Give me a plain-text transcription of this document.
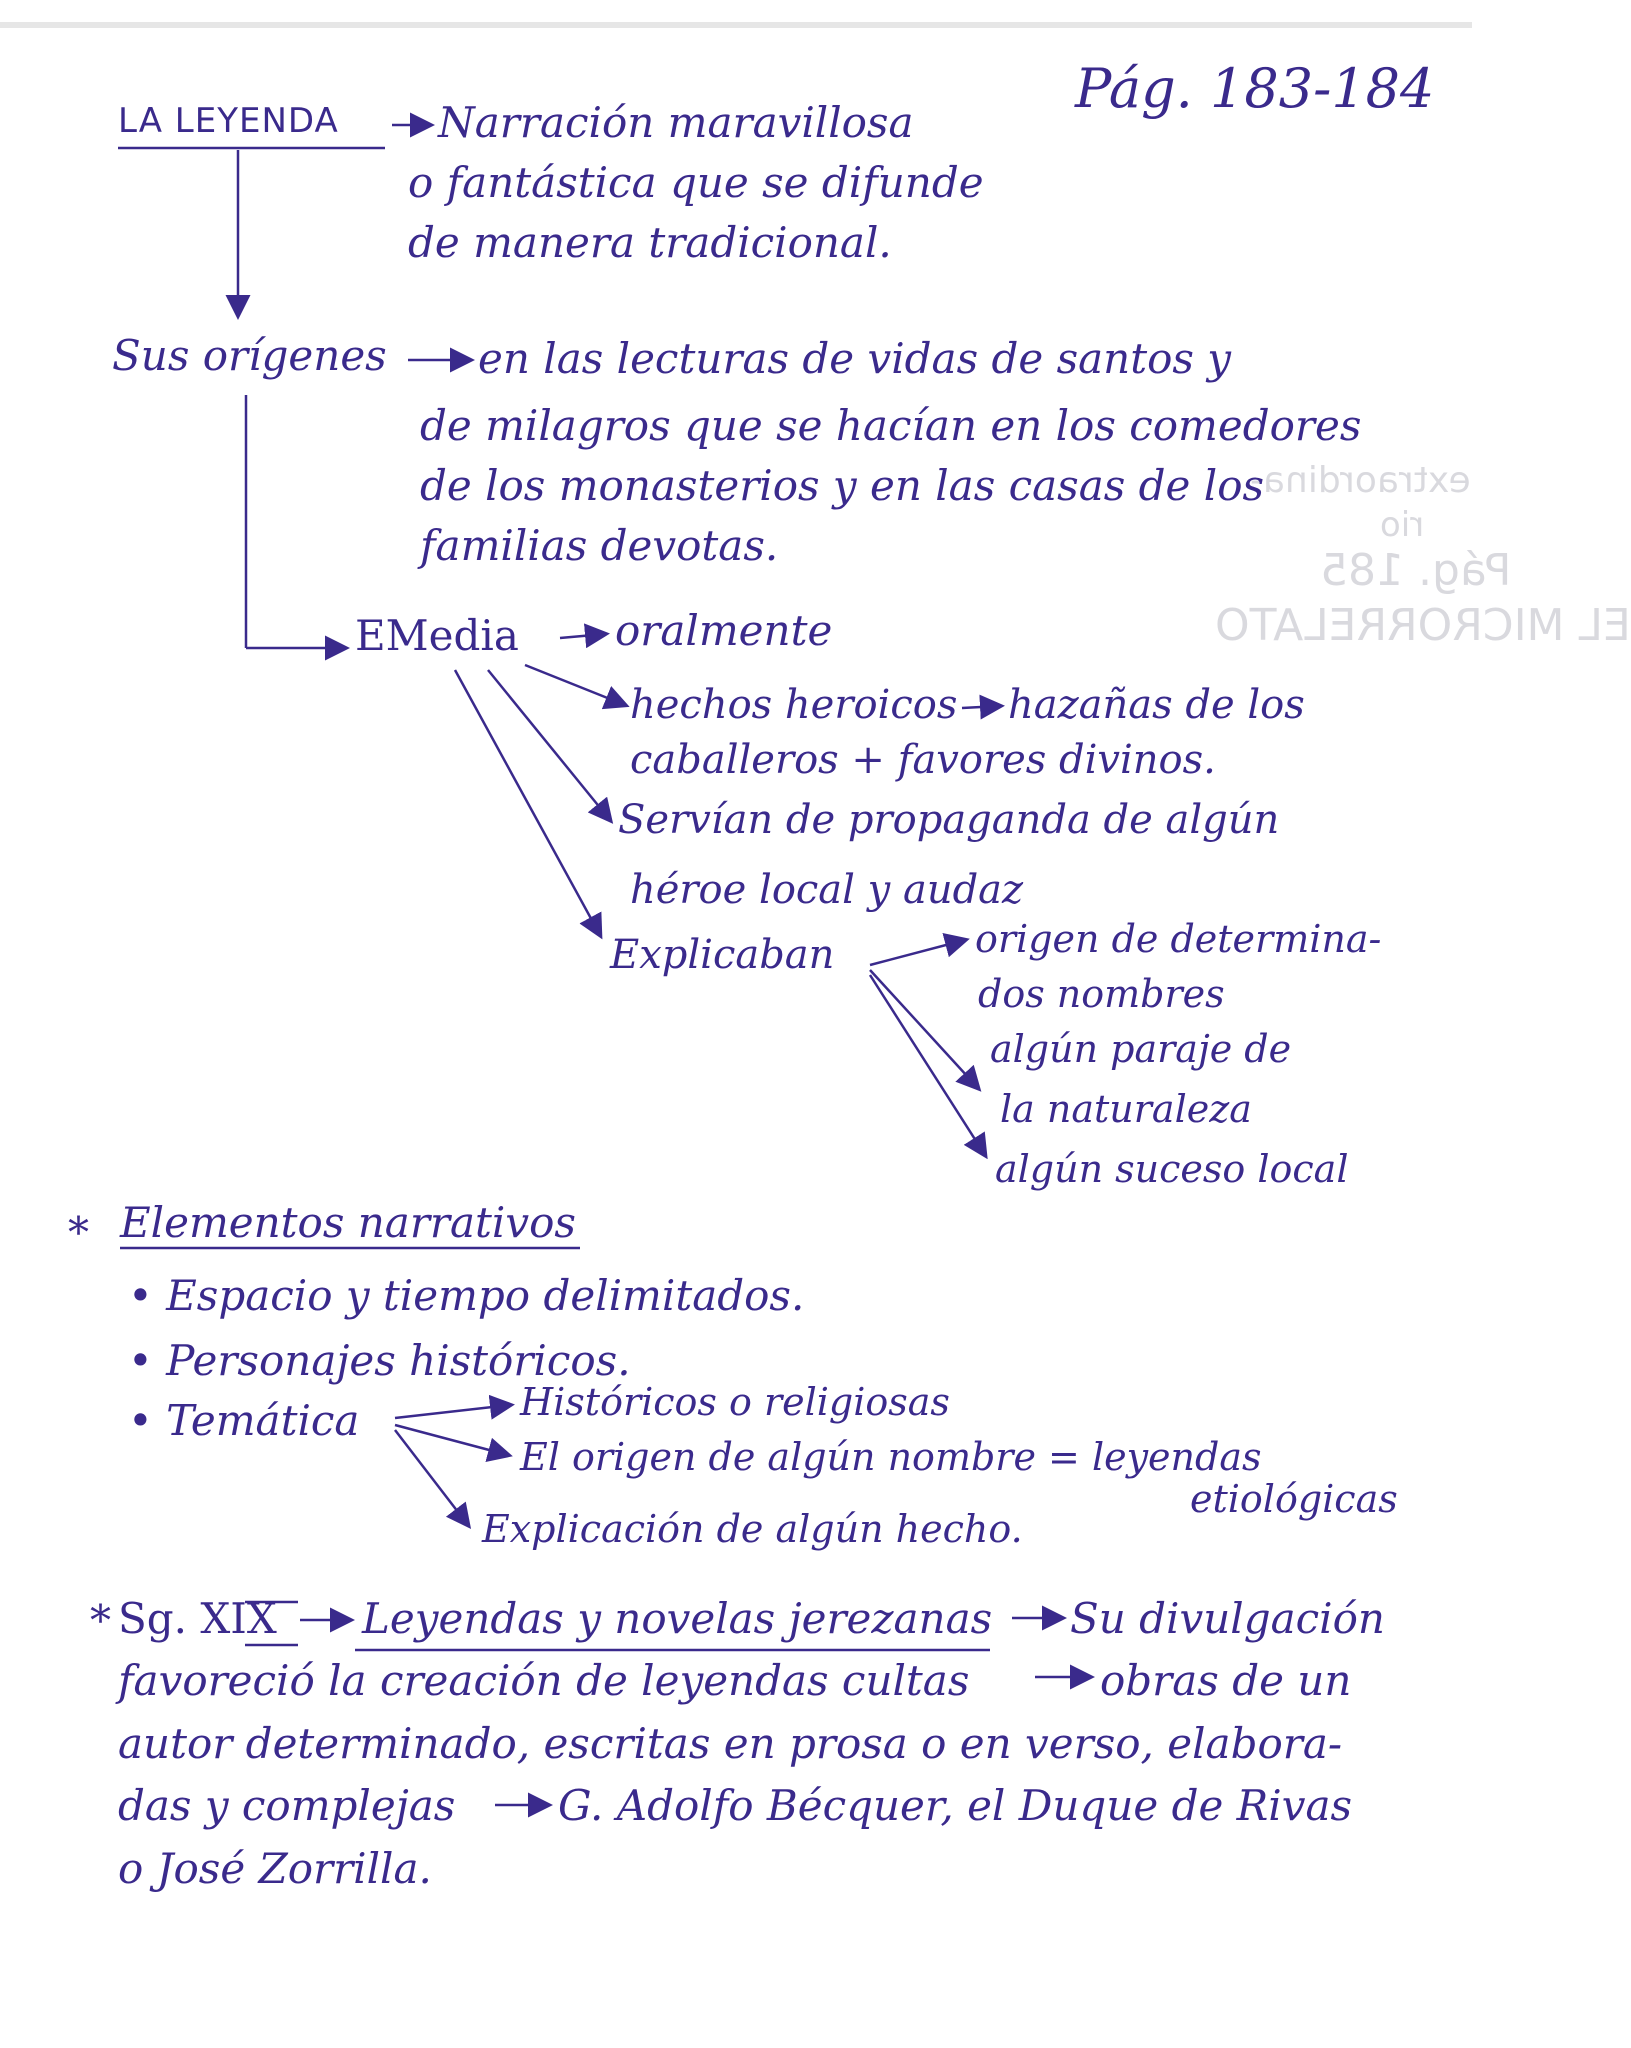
EL MICRORRELATO
Pág. 185
extraordina-
rio
Pág. 183-184
LA LEYENDA Narración maravillosa
o fantástica que se difunde
de manera tradicional.
Sus orígenes en las lecturas de vidas de santos y
de milagros que se hacían en los comedores
de los monasterios y en las casas de los
familias devotas.
EMedia oralmente
hechos heroicos hazañas de los
caballeros + favores divinos.
Servían de propaganda de algún
héroe local y audaz
Explicaban	origen de determina-
dos nombres
algún paraje de
la naturaleza
algún suceso local
* Elementos narrativos
• Espacio y tiempo delimitados.
• Personajes históricos.
• Temática	Históricos o religiosas
El origen de algún nombre = leyendas
etiológicas
Explicación de algún hecho.
* Sg. XIX Leyendas y novelas jerezanas Su divulgación
favoreció la creación de leyendas cultas	obras de un
autor determinado, escritas en prosa o en verso, elabora-
das y complejas G. Adolfo Bécquer, el Duque de Rivas
o José Zorrilla.
